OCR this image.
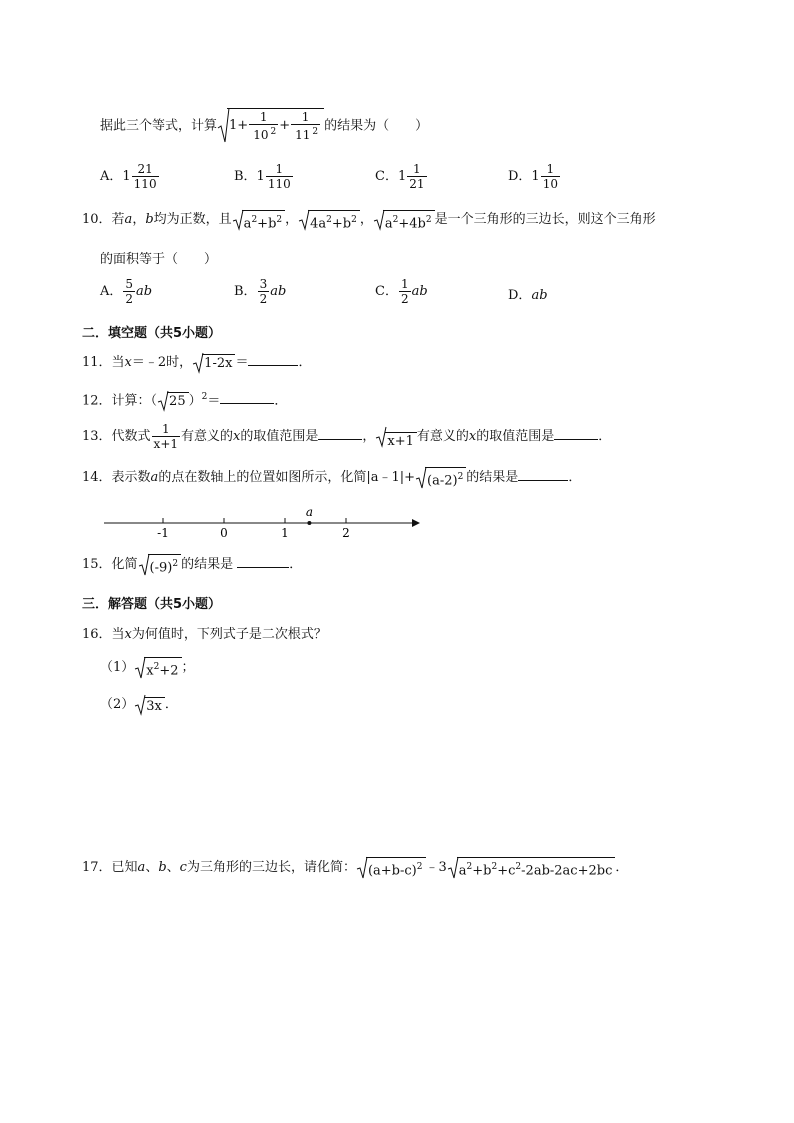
据此三个等式，计算 $1+ \frac{1}{10 ^2} + \frac{1}{11 ^2}$ 的结果为（　　）
A．$1 \frac{21}{110}$	B．$1 \frac{1}{110}$	C．$1 \frac{1}{21}$	D．$1 \frac{1}{10}$
10．若a，b均为正数，且 $a^2+b^2$ ， $4a^2+b^2$ ， $a^2+4b^2$ 是一个三角形的三边长，则这个三角形
的面积等于（　　）
A． $\frac{5}{2}$ ab	B． $\frac{3}{2}$ ab	C． $\frac{1}{2}$ ab	D．ab
二．填空题（共5小题）
11．当x＝﹣2时， 1-2x ＝	．
12．计算：（ 25 ）$^2$＝	．
13．代数式 $\frac{1}{x+1}$ 有意义的x的取值范围是	， x+1 有意义的x的取值范围是	．
14．表示数a的点在数轴上的位置如图所示，化简|a﹣1|+ $(a-2)^2$ 的结果是	．
-1	0	1	2
a
15．化简 $(-9)^2$ 的结果是	．
三．解答题（共5小题）
16．当x为何值时，下列式子是二次根式？
（1） $x^2+2$ ；
（2） 3x ．
17．已知a、b、c为三角形的三边长，请化简： $(a+b-c)^2$ ﹣3 $a^2+b^2+c^2-2ab-2ac+2bc$ ．
